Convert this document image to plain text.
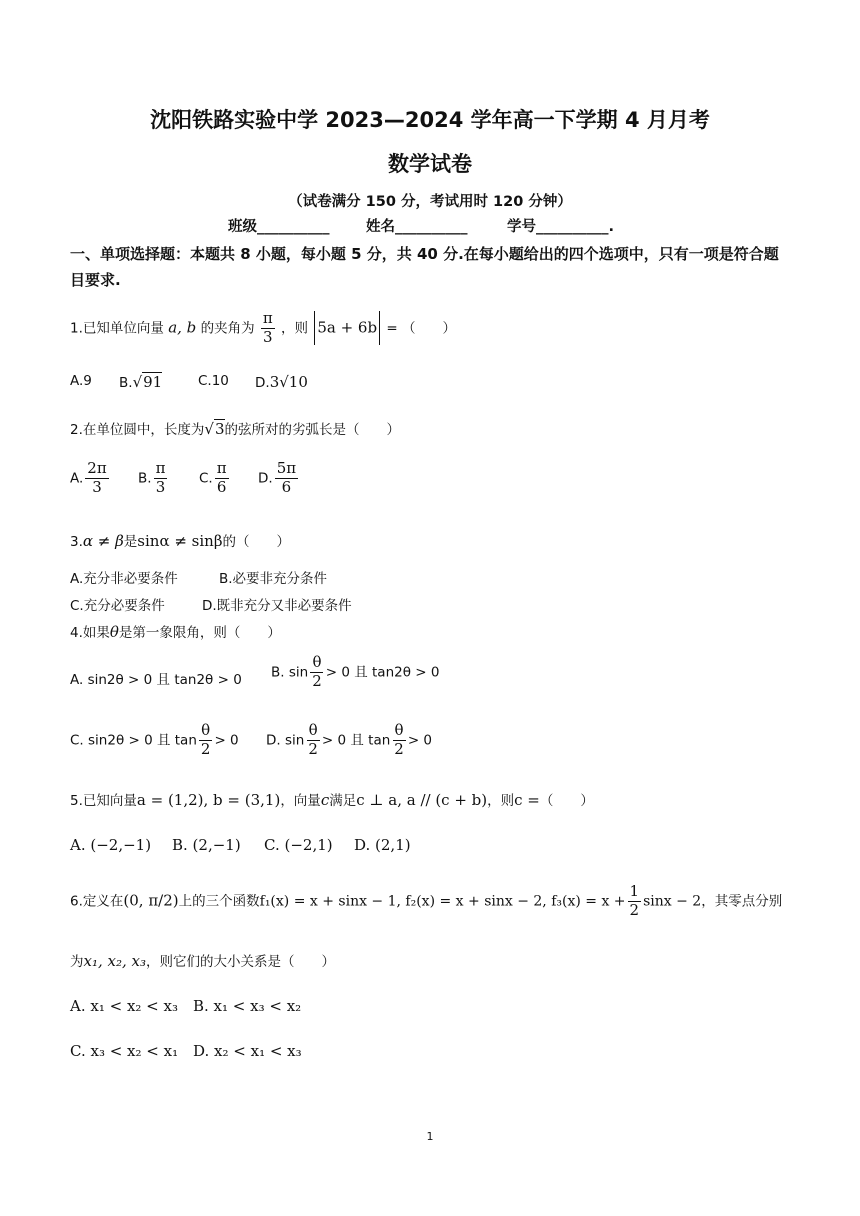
沈阳铁路实验中学 2023—2024 学年高一下学期 4 月月考
数学试卷
（试卷满分 150 分，考试用时 120 分钟）
班级__________	姓名__________	学号__________.
一、单项选择题：本题共 8 小题，每小题 5 分，共 40 分.在每小题给出的四个选项中，只有一项是符合题目要求.
1.已知单位向量 a, b 的夹角为 $\frac{\pi}{3}$ ，则 5a + 6b = （　　）
A.9 B.√91	C.10 D.3√10
2.在单位圆中，长度为√3的弦所对的劣弧长是（　　）
A. $\frac{2\pi}{3} B$. $\frac{\pi}{3} C$. $\frac{\pi}{6} D$. $\frac{5\pi}{6}$
3.α ≠ β是sinα ≠ sinβ的（　　）
A.充分非必要条件	B.必要非充分条件
C.充分必要条件	D.既非充分又非必要条件
4.如果θ是第一象限角，则（　　）
A. sin2θ > 0 且 tan2θ > 0 B. $\sin \frac{\theta}{2} > 0$ 且 tan2θ > 0
C. sin2θ > 0 且 $\tan \frac{\theta}{2} > 0$ D. $\sin \frac{\theta}{2} > 0$ 且 $\tan \frac{\theta}{2} > 0$
5.已知向量a = (1,2), b = (3,1)，向量c满足c ⊥ a, a // (c + b)，则c =（　　）
A. (−2,−1) B. (2,−1) C. (−2,1) D. (2,1)
6.定义在(0, π/2)上的三个函数f₁(x) = x + sinx − 1, f₂(x) = x + sinx − 2, $f_3(x) = x + \frac{1}{2}$ sinx − 2，其零点分别
为x₁, x₂, x₃，则它们的大小关系是（　　）
A. x₁ < x₂ < x₃ B. x₁ < x₃ < x₂
C. x₃ < x₂ < x₁ D. x₂ < x₁ < x₃
1
